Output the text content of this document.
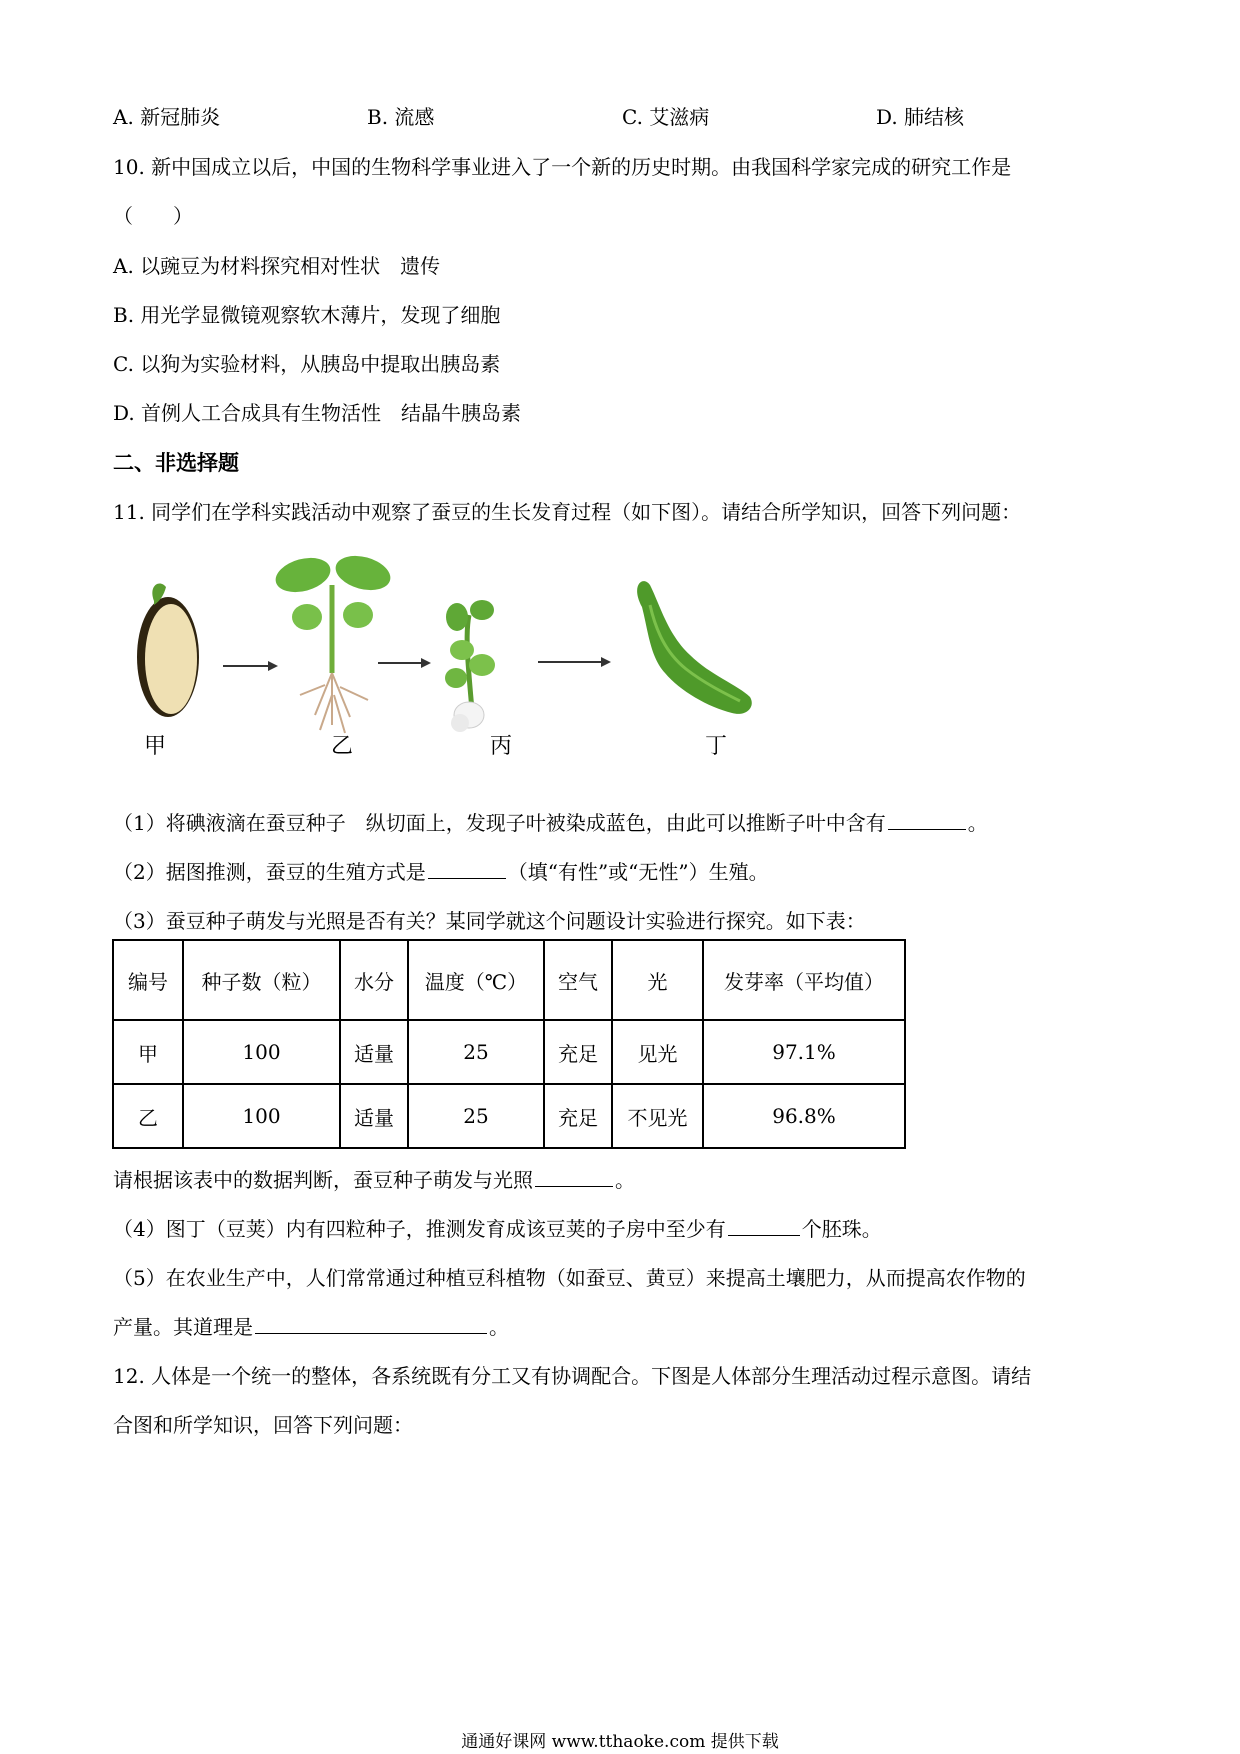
A. 新冠肺炎	B. 流感	C. 艾滋病	D. 肺结核
10. 新中国成立以后，中国的生物科学事业进入了一个新的历史时期。由我国科学家完成的研究工作是
（　　）
A. 以豌豆为材料探究相对性状　遗传
B. 用光学显微镜观察软木薄片，发现了细胞
C. 以狗为实验材料，从胰岛中提取出胰岛素
D. 首例人工合成具有生物活性　结晶牛胰岛素
二、非选择题
11. 同学们在学科实践活动中观察了蚕豆的生长发育过程（如下图）。请结合所学知识，回答下列问题：
甲	乙	丙	丁
（1）将碘液滴在蚕豆种子　纵切面上，发现子叶被染成蓝色，由此可以推断子叶中含有	。
（2）据图推测，蚕豆的生殖方式是	（填“有性”或“无性”）生殖。
（3）蚕豆种子萌发与光照是否有关？某同学就这个问题设计实验进行探究。如下表：
编号	种子数（粒）	水分	温度（℃）	空气	光	发芽率（平均值）
甲	100	适量	25	充足	见光	97.1%
乙	100	适量	25	充足	不见光	96.8%
请根据该表中的数据判断，蚕豆种子萌发与光照	。
（4）图丁（豆荚）内有四粒种子，推测发育成该豆荚的子房中至少有	个胚珠。
（5）在农业生产中，人们常常通过种植豆科植物（如蚕豆、黄豆）来提高土壤肥力，从而提高农作物的
产量。其道理是	。
12. 人体是一个统一的整体，各系统既有分工又有协调配合。下图是人体部分生理活动过程示意图。请结
合图和所学知识，回答下列问题：
通通好课网 www.tthaoke.com 提供下载
